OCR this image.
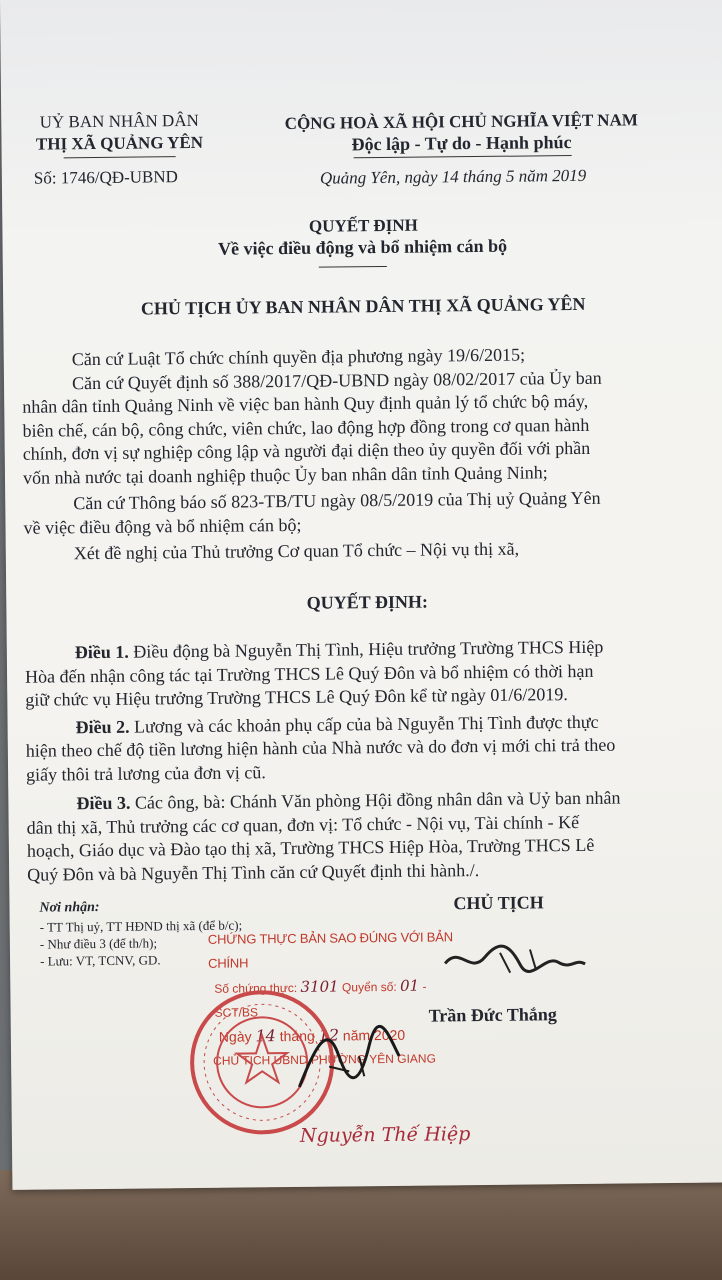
UỶ BAN NHÂN DÂN
THỊ XÃ QUẢNG YÊN
Số: 1746/QĐ-UBND
CỘNG HOÀ XÃ HỘI CHỦ NGHĨA VIỆT NAM
Độc lập - Tự do - Hạnh phúc
Quảng Yên, ngày 14 tháng 5 năm 2019
QUYẾT ĐỊNH
Về việc điều động và bổ nhiệm cán bộ
CHỦ TỊCH ỦY BAN NHÂN DÂN THỊ XÃ QUẢNG YÊN
Căn cứ Luật Tổ chức chính quyền địa phương ngày 19/6/2015;
Căn cứ Quyết định số 388/2017/QĐ-UBND ngày 08/02/2017 của Ủy ban
nhân dân tỉnh Quảng Ninh về việc ban hành Quy định quản lý tổ chức bộ máy,
biên chế, cán bộ, công chức, viên chức, lao động hợp đồng trong cơ quan hành
chính, đơn vị sự nghiệp công lập và người đại diện theo ủy quyền đối với phần
vốn nhà nước tại doanh nghiệp thuộc Ủy ban nhân dân tỉnh Quảng Ninh;
Căn cứ Thông báo số 823-TB/TU ngày 08/5/2019 của Thị uỷ Quảng Yên
về việc điều động và bổ nhiệm cán bộ;
Xét đề nghị của Thủ trưởng Cơ quan Tổ chức – Nội vụ thị xã,
QUYẾT ĐỊNH:
Điều 1. Điều động bà Nguyễn Thị Tình, Hiệu trưởng Trường THCS Hiệp
Hòa đến nhận công tác tại Trường THCS Lê Quý Đôn và bổ nhiệm có thời hạn
giữ chức vụ Hiệu trưởng Trường THCS Lê Quý Đôn kể từ ngày 01/6/2019.
Điều 2. Lương và các khoản phụ cấp của bà Nguyễn Thị Tình được thực
hiện theo chế độ tiền lương hiện hành của Nhà nước và do đơn vị mới chi trả theo
giấy thôi trả lương của đơn vị cũ.
Điều 3. Các ông, bà: Chánh Văn phòng Hội đồng nhân dân và Uỷ ban nhân
dân thị xã, Thủ trưởng các cơ quan, đơn vị: Tổ chức - Nội vụ, Tài chính - Kế
hoạch, Giáo dục và Đào tạo thị xã, Trường THCS Hiệp Hòa, Trường THCS Lê
Quý Đôn và bà Nguyễn Thị Tình căn cứ Quyết định thi hành./.
Nơi nhận:
- TT Thị uỷ, TT HĐND thị xã (để b/c);
- Như điều 3 (để th/h);
- Lưu: VT, TCNV, GD.
CHỦ TỊCH
Trần Đức Thắng
CHỨNG THỰC BẢN SAO ĐÚNG VỚI BẢN CHÍNH
Số chứng thực: 3101 Quyển số: 01 -SCT/BS
Ngày 14 tháng 12 năm 2020
CHỦ TỊCH UBND PHƯỜNG YÊN GIANG
Nguyễn Thế Hiệp
